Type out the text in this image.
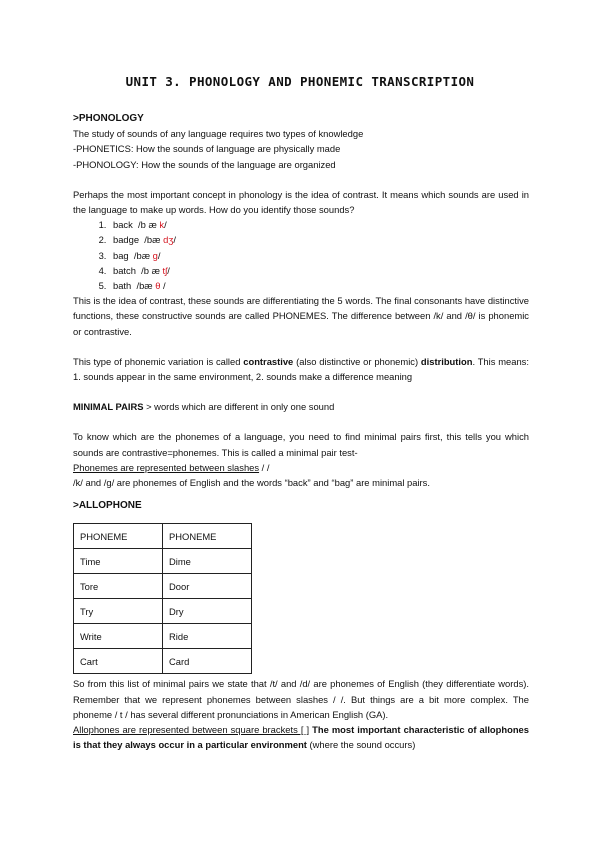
UNIT 3. PHONOLOGY AND PHONEMIC TRANSCRIPTION

>PHONOLOGY

The study of sounds of any language requires two types of knowledge

-PHONETICS: How the sounds of language are physically made

-PHONOLOGY: How the sounds of the language are organized

Perhaps the most important concept in phonology is the idea of contrast. It means which sounds are used in the language to make up words. How do you identify those sounds?

1. back /b æ k/
2. badge /bæ dʒ/
3. bag /bæ g/
4. batch /b æ tʃ/
5. bath /bæ θ /

This is the idea of contrast, these sounds are differentiating the 5 words. The final consonants have distinctive functions, these constructive sounds are called PHONEMES. The difference between /k/ and /θ/ is phonemic or contrastive.

This type of phonemic variation is called contrastive (also distinctive or phonemic) distribution. This means: 1. sounds appear in the same environment, 2. sounds make a difference meaning

MINIMAL PAIRS > words which are different in only one sound

To know which are the phonemes of a language, you need to find minimal pairs first, this tells you which sounds are contrastive=phonemes. This is called a minimal pair test-

Phonemes are represented between slashes / /

/k/ and /g/ are phonemes of English and the words “back” and “bag” are minimal pairs.

>ALLOPHONE

PHONEME	PHONEME
Time	Dime
Tore	Door
Try	Dry
Write	Ride
Cart	Card

So from this list of minimal pairs we state that /t/ and /d/ are phonemes of English (they differentiate words). Remember that we represent phonemes between slashes / /. But things are a bit more complex. The phoneme / t / has several different pronunciations in American English (GA).

Allophones are represented between square brackets [ ] The most important characteristic of allophones is that they always occur in a particular environment (where the sound occurs)
